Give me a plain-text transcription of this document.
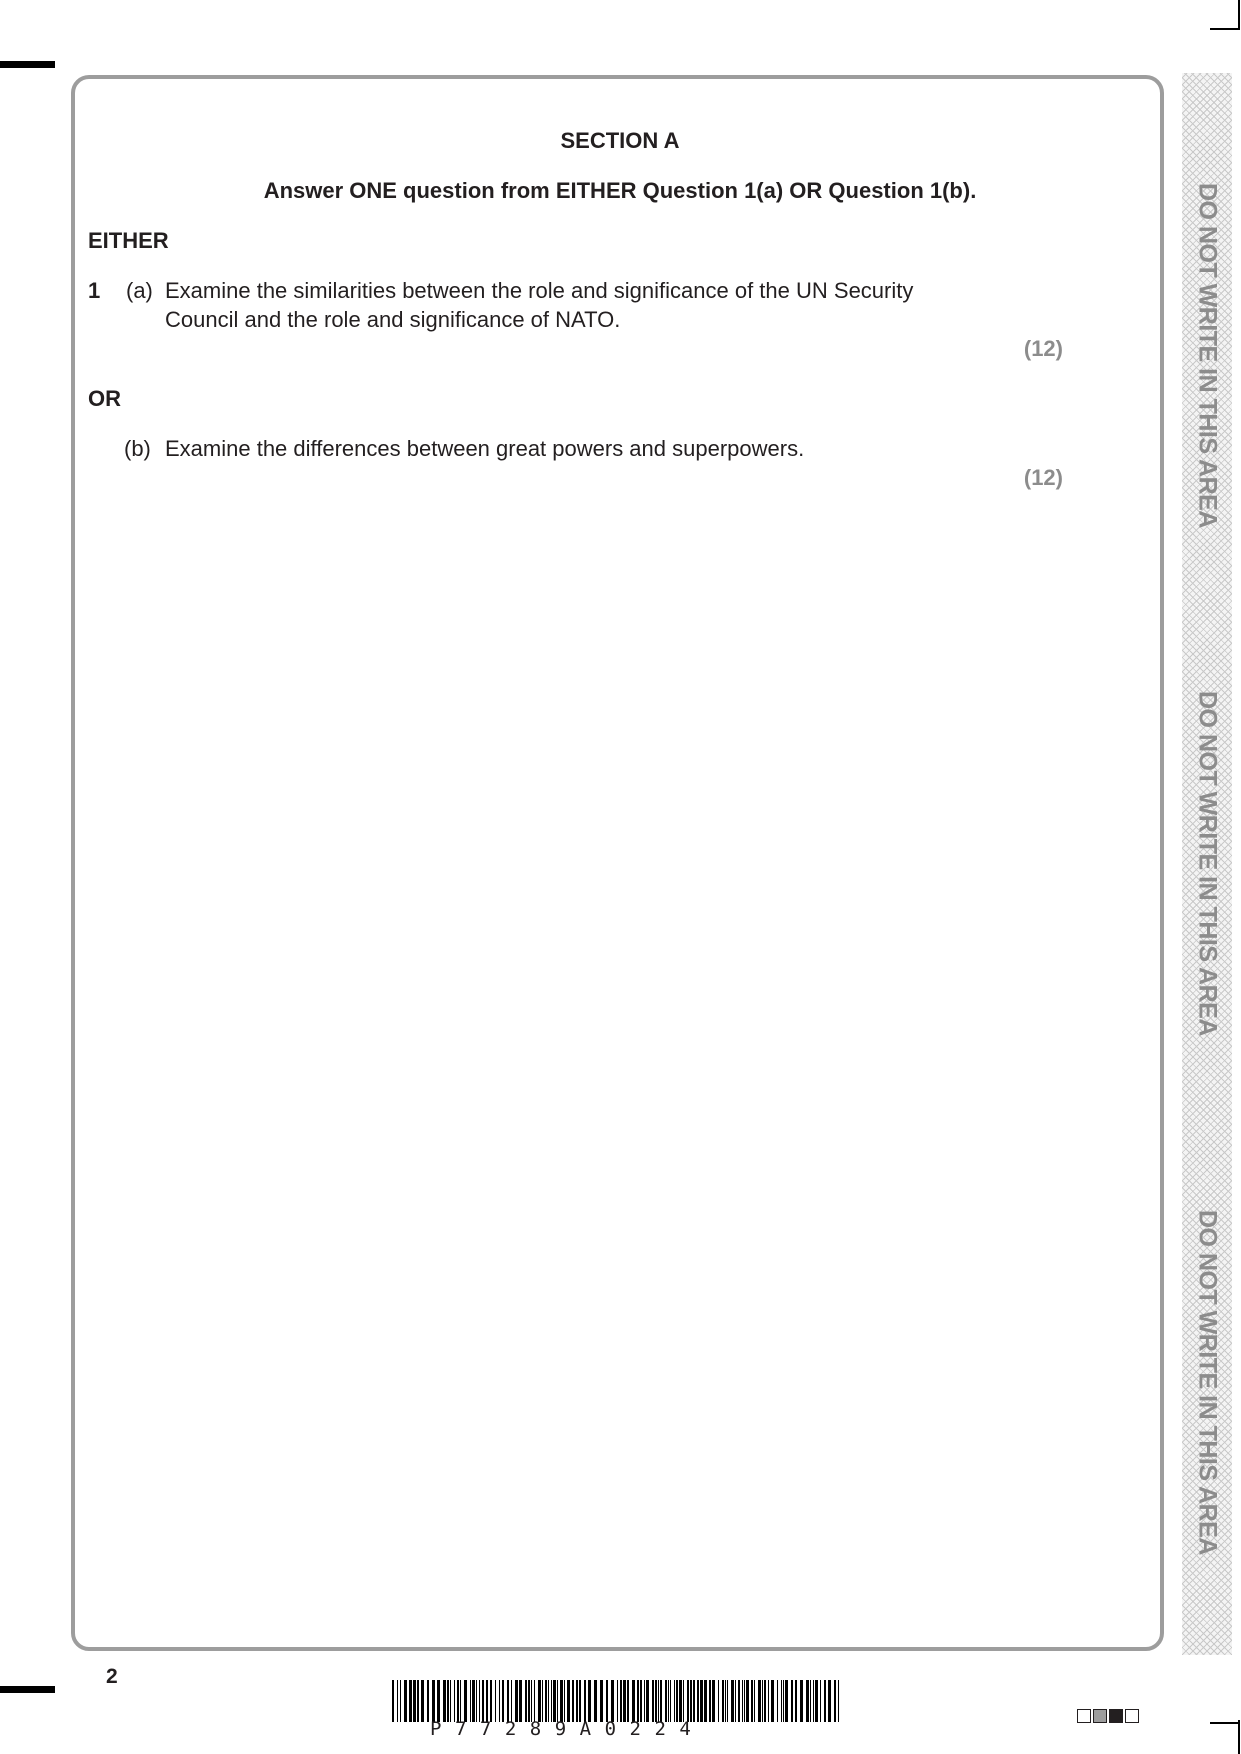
DO NOT WRITE IN THIS AREA
DO NOT WRITE IN THIS AREA
DO NOT WRITE IN THIS AREA
SECTION A
Answer ONE question from EITHER Question 1(a) OR Question 1(b).
EITHER
1 (a) Examine the similarities between the role and significance of the UN Security
Council and the role and significance of NATO.
(12)
OR
(b) Examine the differences between great powers and superpowers.
(12)
2
P77289A0224
